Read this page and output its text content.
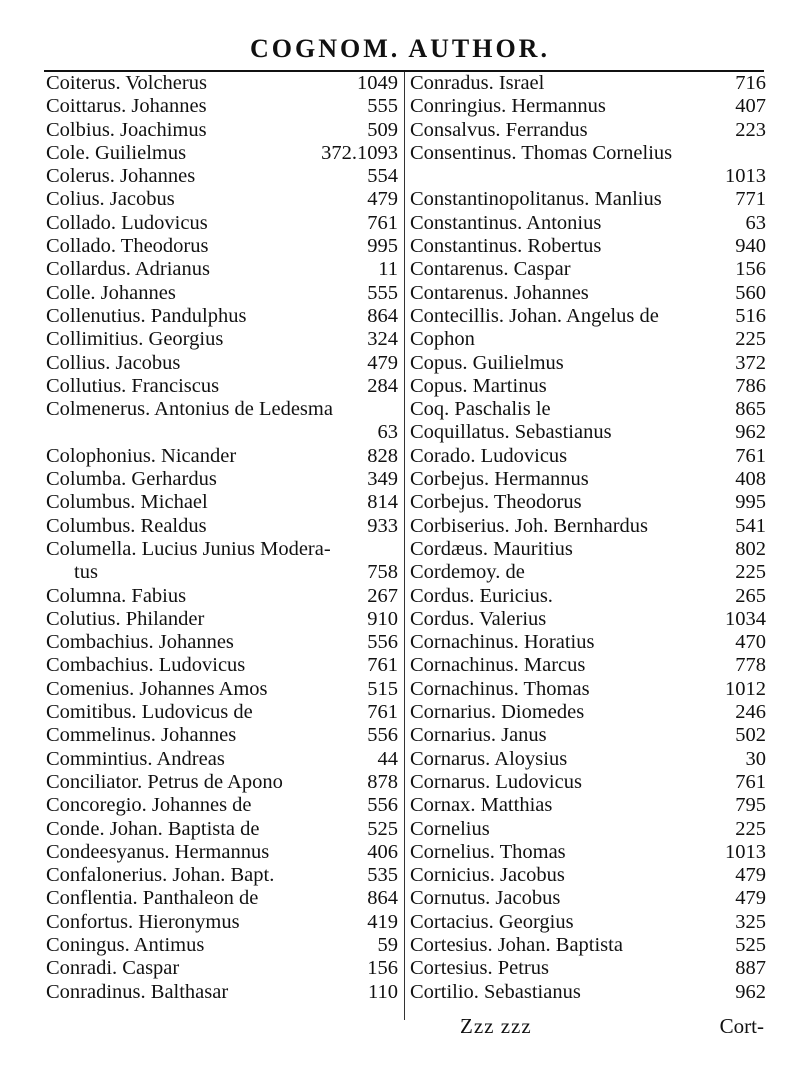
COGNOM. AUTHOR.
Coiterus. Volcherus	1049
Coittarus. Johannes	555
Colbius. Joachimus	509
Cole. Guilielmus	372.1093
Colerus. Johannes	554
Colius. Jacobus	479
Collado. Ludovicus	761
Collado. Theodorus	995
Collardus. Adrianus	11
Colle. Johannes	555
Collenutius. Pandulphus	864
Collimitius. Georgius	324
Collius. Jacobus	479
Collutius. Franciscus	284
Colmenerus. Antonius de Ledesma
63
Colophonius. Nicander	828
Columba. Gerhardus	349
Columbus. Michael	814
Columbus. Realdus	933
Columella. Lucius Junius Modera-
tus	758
Columna. Fabius	267
Colutius. Philander	910
Combachius. Johannes	556
Combachius. Ludovicus	761
Comenius. Johannes Amos	515
Comitibus. Ludovicus de	761
Commelinus. Johannes	556
Commintius. Andreas	44
Conciliator. Petrus de Apono	878
Concoregio. Johannes de	556
Conde. Johan. Baptista de	525
Condeesyanus. Hermannus	406
Confalonerius. Johan. Bapt.	535
Conflentia. Panthaleon de	864
Confortus. Hieronymus	419
Coningus. Antimus	59
Conradi. Caspar	156
Conradinus. Balthasar	110
Conradus. Israel	716
Conringius. Hermannus	407
Consalvus. Ferrandus	223
Consentinus. Thomas Cornelius
1013
Constantinopolitanus. Manlius	771
Constantinus. Antonius	63
Constantinus. Robertus	940
Contarenus. Caspar	156
Contarenus. Johannes	560
Contecillis. Johan. Angelus de	516
Cophon	225
Copus. Guilielmus	372
Copus. Martinus	786
Coq. Paschalis le	865
Coquillatus. Sebastianus	962
Corado. Ludovicus	761
Corbejus. Hermannus	408
Corbejus. Theodorus	995
Corbiserius. Joh. Bernhardus	541
Cordæus. Mauritius	802
Cordemoy. de	225
Cordus. Euricius.	265
Cordus. Valerius	1034
Cornachinus. Horatius	470
Cornachinus. Marcus	778
Cornachinus. Thomas	1012
Cornarius. Diomedes	246
Cornarius. Janus	502
Cornarus. Aloysius	30
Cornarus. Ludovicus	761
Cornax. Matthias	795
Cornelius	225
Cornelius. Thomas	1013
Cornicius. Jacobus	479
Cornutus. Jacobus	479
Cortacius. Georgius	325
Cortesius. Johan. Baptista	525
Cortesius. Petrus	887
Cortilio. Sebastianus	962
Zzz zzz	Cort-
